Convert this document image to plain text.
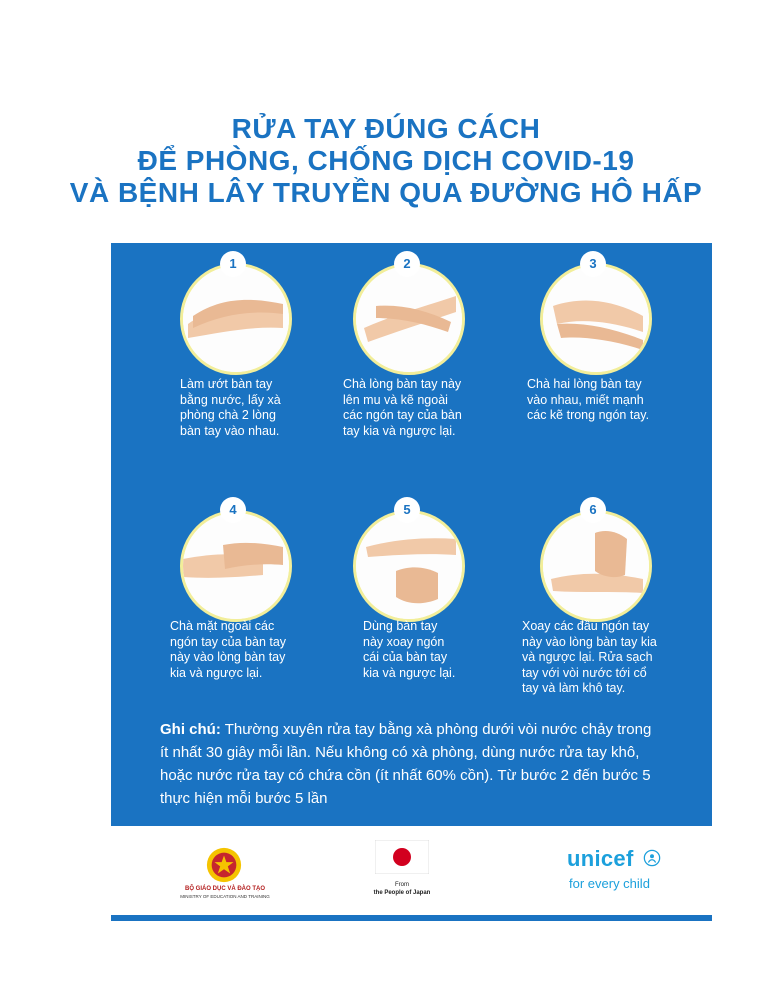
RỬA TAY ĐÚNG CÁCH
ĐỂ PHÒNG, CHỐNG DỊCH COVID-19
VÀ BỆNH LÂY TRUYỀN QUA ĐƯỜNG HÔ HẤP
1
Làm ướt bàn tay
bằng nước, lấy xà
phòng chà 2 lòng
bàn tay vào nhau.
2
Chà lòng bàn tay này
lên mu và kẽ ngoài
các ngón tay của bàn
tay kia và ngược lại.
3
Chà hai lòng bàn tay
vào nhau, miết mạnh
các kẽ trong ngón tay.
4
Chà mặt ngoài các
ngón tay của bàn tay
này vào lòng bàn tay
kia và ngược lại.
5
Dùng bàn tay
này xoay ngón
cái của bàn tay
kia và ngược lại.
6
Xoay các đầu ngón tay
này vào lòng bàn tay kia
và ngược lại. Rửa sạch
tay với vòi nước tới cổ
tay và làm khô tay.
Ghi chú: Thường xuyên rửa tay bằng xà phòng dưới vòi nước chảy trong
ít nhất 30 giây mỗi lần. Nếu không có xà phòng, dùng nước rửa tay khô,
hoặc nước rửa tay có chứa cồn (ít nhất 60% cồn). Từ bước 2 đến bước 5
thực hiện mỗi bước 5 lần
BỘ GIÁO DỤC VÀ ĐÀO TẠO
MINISTRY OF EDUCATION AND TRAINING
From
the People of Japan
unicef
for every child
